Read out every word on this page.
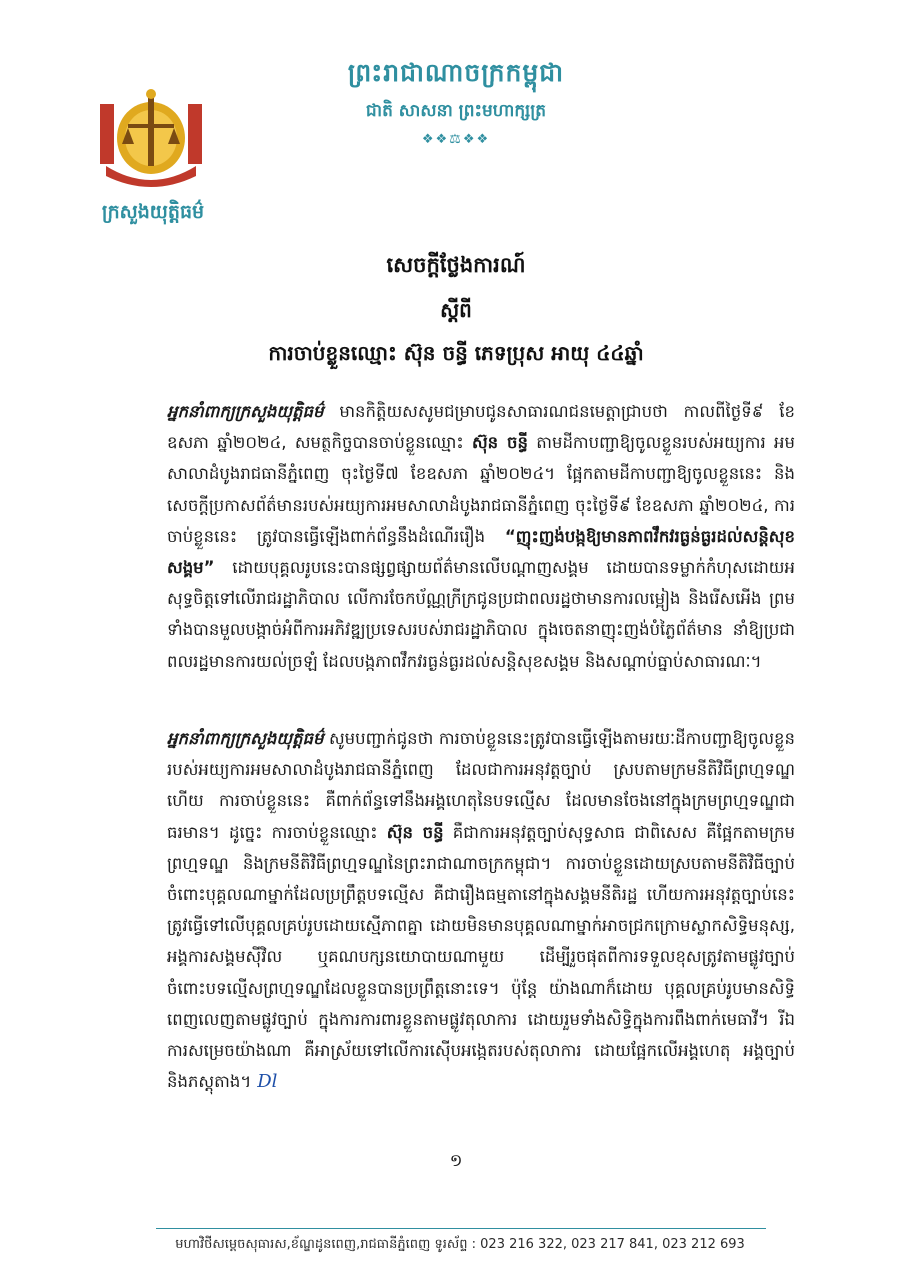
ព្រះរាជាណាចក្រកម្ពុជា
ជាតិ សាសនា ព្រះមហាក្សត្រ
❖❖⚖❖❖
ក្រសួងយុត្តិធម៌
សេចក្តីថ្លែងការណ៍
ស្តីពី
ការចាប់ខ្លួនឈ្មោះ ស៊ុន ចន្ធី ភេទប្រុស អាយុ ៤៤ឆ្នាំ
អ្នកនាំពាក្យក្រសួងយុត្តិធម៌ មានកិត្តិយសសូមជម្រាបជូនសាធារណជនមេត្តាជ្រាបថា កាលពីថ្ងៃទី៩ ខែឧសភា ឆ្នាំ២០២៤, សមត្ថកិច្ចបានចាប់ខ្លួនឈ្មោះ ស៊ុន ចន្ធី តាមដីកាបញ្ជាឱ្យចូលខ្លួនរបស់អយ្យការ អមសាលាដំបូងរាជធានីភ្នំពេញ ចុះថ្ងៃទី៧ ខែឧសភា ឆ្នាំ២០២៤។ ផ្អែកតាមដីកាបញ្ជាឱ្យចូលខ្លួននេះ និង សេចក្តីប្រកាសព័ត៌មានរបស់អយ្យការអមសាលាដំបូងរាជធានីភ្នំពេញ ចុះថ្ងៃទី៩ ខែឧសភា ឆ្នាំ២០២៤, ការចាប់ខ្លួននេះ ត្រូវបានធ្វើឡើងពាក់ព័ន្ធនឹងដំណើររឿង “ញុះញង់បង្កឱ្យមានភាពវឹកវរធ្ងន់ធ្ងរដល់សន្តិសុខសង្គម” ដោយបុគ្គលរូបនេះបានផ្សព្វផ្សាយព័ត៌មានលើបណ្តាញសង្គម ដោយបានទម្លាក់កំហុសដោយអសុទ្ធចិត្តទៅលើរាជរដ្ឋាភិបាល លើការចែកប័ណ្ណក្រីក្រជូនប្រជាពលរដ្ឋថាមានការលម្អៀង និងរើសអើង ព្រមទាំងបានមួលបង្កាច់អំពីការអភិវឌ្ឍប្រទេសរបស់រាជរដ្ឋាភិបាល ក្នុងចេតនាញុះញង់បំភ្លៃព័ត៌មាន នាំឱ្យប្រជាពលរដ្ឋមានការយល់ច្រឡំ ដែលបង្កភាពវឹកវរធ្ងន់ធ្ងរដល់សន្តិសុខសង្គម និងសណ្តាប់ធ្នាប់សាធារណៈ។
អ្នកនាំពាក្យក្រសួងយុត្តិធម៌ សូមបញ្ជាក់ជូនថា ការចាប់ខ្លួននេះត្រូវបានធ្វើឡើងតាមរយៈដីកាបញ្ជាឱ្យចូលខ្លួន របស់អយ្យការអមសាលាដំបូងរាជធានីភ្នំពេញ ដែលជាការអនុវត្តច្បាប់ ស្របតាមក្រមនីតិវិធីព្រហ្មទណ្ឌ ហើយ ការចាប់ខ្លួននេះ គឺពាក់ព័ន្ធទៅនឹងអង្គហេតុនៃបទល្មើស ដែលមានចែងនៅក្នុងក្រមព្រហ្មទណ្ឌជាធរមាន។ ដូច្នេះ ការចាប់ខ្លួនឈ្មោះ ស៊ុន ចន្ធី គឺជាការអនុវត្តច្បាប់សុទ្ធសាធ ជាពិសេស គឺផ្អែកតាមក្រមព្រហ្មទណ្ឌ និងក្រមនីតិវិធីព្រហ្មទណ្ឌនៃព្រះរាជាណាចក្រកម្ពុជា។ ការចាប់ខ្លួនដោយស្របតាមនីតិវិធីច្បាប់ ចំពោះបុគ្គលណាម្នាក់ដែលប្រព្រឹត្តបទល្មើស គឺជារឿងធម្មតានៅក្នុងសង្គមនីតិរដ្ឋ ហើយការអនុវត្តច្បាប់នេះត្រូវធ្វើទៅលើបុគ្គលគ្រប់រូបដោយស្មើភាពគ្នា ដោយមិនមានបុគ្គលណាម្នាក់អាចជ្រកក្រោមស្លាកសិទ្ធិមនុស្ស, អង្គការសង្គមស៊ីវិល ឬគណបក្សនយោបាយណាមួយ ដើម្បីរួចផុតពីការទទួលខុសត្រូវតាមផ្លូវច្បាប់ ចំពោះបទល្មើសព្រហ្មទណ្ឌដែលខ្លួនបានប្រព្រឹត្តនោះទេ។ ប៉ុន្តែ យ៉ាងណាក៏ដោយ បុគ្គលគ្រប់រូបមានសិទ្ធិពេញលេញតាមផ្លូវច្បាប់ ក្នុងការការពារខ្លួនតាមផ្លូវតុលាការ ដោយរួមទាំងសិទ្ធិក្នុងការពឹងពាក់មេធាវី។ រីឯការសម្រេចយ៉ាងណា គឺអាស្រ័យទៅលើការស៊ើបអង្កេតរបស់តុលាការ ដោយផ្អែកលើអង្គហេតុ អង្គច្បាប់ និងភស្តុតាង។ Dl
១
មហាវិថីសម្តេចសុធារស,ខ័ណ្ឌដូនពេញ,រាជធានីភ្នំពេញ ទូរស័ព្ទ : 023 216 322, 023 217 841, 023 212 693
